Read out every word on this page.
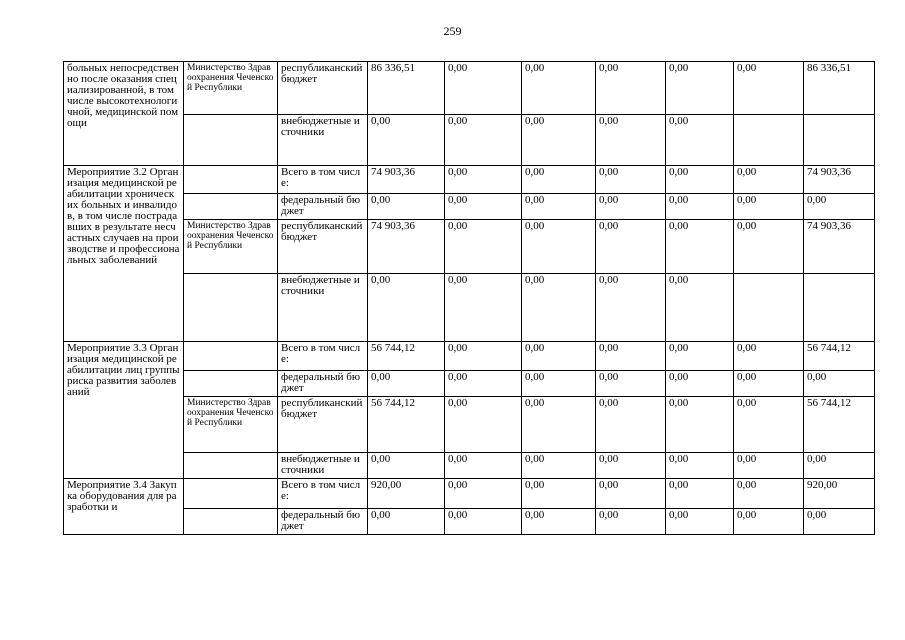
259
больных непосредственно после оказания специализированной, в том числе высокотехнологичной, медицинской помощи	Министерство Здравоохранения Чеченской Республики	республиканский бюджет	86 336,51	0,00	0,00	0,00	0,00	0,00	86 336,51
		внебюджетные источники	0,00	0,00	0,00	0,00	0,00		
Мероприятие 3.2 Организация медицинской реабилитации хронических больных и инвалидов, в том числе пострадавших в результате несчастных случаев на производстве и профессиональных заболеваний		Всего в том числе:	74 903,36	0,00	0,00	0,00	0,00	0,00	74 903,36
		федеральный бюджет	0,00	0,00	0,00	0,00	0,00	0,00	0,00
	Министерство Здравоохранения Чеченской Республики	республиканский бюджет	74 903,36	0,00	0,00	0,00	0,00	0,00	74 903,36
		внебюджетные источники	0,00	0,00	0,00	0,00	0,00		
Мероприятие 3.3 Организация медицинской реабилитации лиц группы риска развития заболеваний		Всего в том числе:	56 744,12	0,00	0,00	0,00	0,00	0,00	56 744,12
		федеральный бюджет	0,00	0,00	0,00	0,00	0,00	0,00	0,00
	Министерство Здравоохранения Чеченской Республики	республиканский бюджет	56 744,12	0,00	0,00	0,00	0,00	0,00	56 744,12
		внебюджетные источники	0,00	0,00	0,00	0,00	0,00	0,00	0,00
Мероприятие 3.4 Закупка оборудования для разработки и		Всего в том числе:	920,00	0,00	0,00	0,00	0,00	0,00	920,00
		федеральный бюджет	0,00	0,00	0,00	0,00	0,00	0,00	0,00
